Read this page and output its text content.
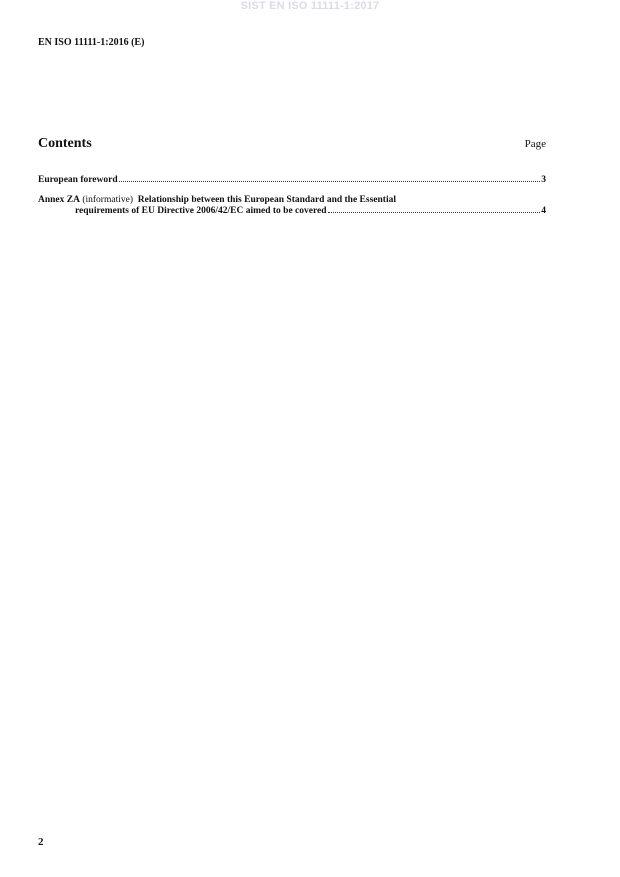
SIST EN ISO 11111-1:2017
EN ISO 11111-1:2016 (E)
Contents	Page
European foreword	3
Annex ZA
(informative)
Relationship between this European Standard and the Essential
requirements of EU Directive 2006/42/EC aimed to be covered	4
2
